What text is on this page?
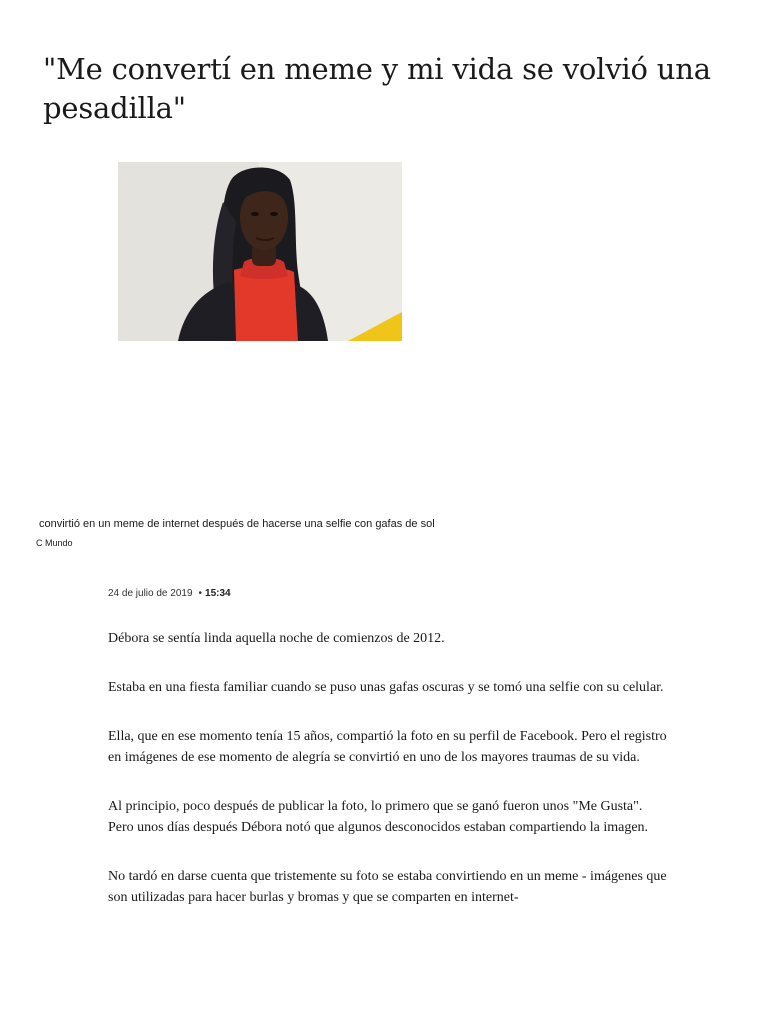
"Me convertí en meme y mi vida se volvió una pesadilla"
convirtió en un meme de internet después de hacerse una selfie con gafas de sol
C Mundo
24 de julio de 2019 • 15:34

Débora se sentía linda aquella noche de comienzos de 2012.

Estaba en una fiesta familiar cuando se puso unas gafas oscuras y se tomó una selfie con su celular.

Ella, que en ese momento tenía 15 años, compartió la foto en su perfil de Facebook. Pero el registro en imágenes de ese momento de alegría se convirtió en uno de los mayores traumas de su vida.

Al principio, poco después de publicar la foto, lo primero que se ganó fueron unos "Me Gusta". Pero unos días después Débora notó que algunos desconocidos estaban compartiendo la imagen.

No tardó en darse cuenta que tristemente su foto se estaba convirtiendo en un meme - imágenes que son utilizadas para hacer burlas y bromas y que se comparten en internet-
